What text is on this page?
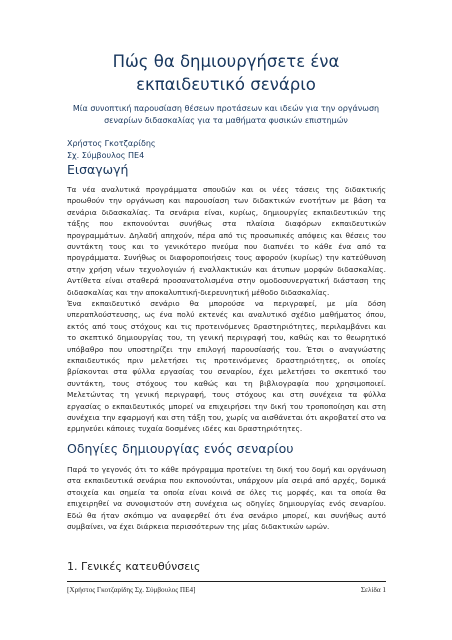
Πώς θα δημιουργήσετε ένα εκπαιδευτικό σενάριο
Μία συνοπτική παρουσίαση θέσεων προτάσεων και ιδεών για την οργάνωση σεναρίων διδασκαλίας για τα μαθήματα φυσικών επιστημών
Χρήστος Γκοτζαρίδης
Σχ. Σύμβουλος ΠΕ4
Εισαγωγή

Τα νέα αναλυτικά προγράμματα σπουδών και οι νέες τάσεις της διδακτικής προωθούν την οργάνωση και παρουσίαση των διδακτικών ενοτήτων με βάση τα σενάρια διδασκαλίας. Τα σενάρια είναι, κυρίως, δημιουργίες εκπαιδευτικών της τάξης που εκπονούνται συνήθως στα πλαίσια διαφόρων εκπαιδευτικών προγραμμάτων. Δηλαδή απηχούν, πέρα από τις προσωπικές απόψεις και θέσεις του συντάκτη τους και το γενικότερο πνεύμα που διαπνέει το κάθε ένα από τα προγράμματα. Συνήθως οι διαφοροποιήσεις τους αφορούν (κυρίως) την κατεύθυνση στην χρήση νέων τεχνολογιών ή εναλλακτικών και άτυπων μορφών διδασκαλίας. Αντίθετα είναι σταθερά προσανατολισμένα στην ομοδοσυνεργατική διάσταση της διδασκαλίας και την αποκαλυπτική-διερευνητική μέθοδο διδασκαλίας.

Ένα εκπαιδευτικό σενάριο θα μπορούσε να περιγραφεί, με μία δόση υπεραπλούστευσης, ως ένα πολύ εκτενές και αναλυτικό σχέδιο μαθήματος όπου, εκτός από τους στόχους και τις προτεινόμενες δραστηριότητες, περιλαμβάνει και το σκεπτικό δημιουργίας του, τη γενική περιγραφή του, καθώς και το θεωρητικό υπόβαθρο που υποστηρίζει την επιλογή παρουσίασής του. Έτσι ο αναγνώστης εκπαιδευτικός πριν μελετήσει τις προτεινόμενες δραστηριότητες, οι οποίες βρίσκονται στα φύλλα εργασίας του σεναρίου, έχει μελετήσει το σκεπτικό του συντάκτη, τους στόχους του καθώς και τη βιβλιογραφία που χρησιμοποιεί. Μελετώντας τη γενική περιγραφή, τους στόχους και στη συνέχεια τα φύλλα εργασίας ο εκπαιδευτικός μπορεί να επιχειρήσει την δική του τροποποίηση και στη συνέχεια την εφαρμογή και στη τάξη του, χωρίς να αισθάνεται ότι ακροβατεί στο να ερμηνεύει κάποιες τυχαία δοσμένες ιδέες και δραστηριότητες.

Οδηγίες δημιουργίας ενός σεναρίου

Παρά το γεγονός ότι το κάθε πρόγραμμα προτείνει τη δική του δομή και οργάνωση στα εκπαιδευτικά σενάρια που εκπονούνται, υπάρχουν μία σειρά από αρχές, δομικά στοιχεία και σημεία τα οποία είναι κοινά σε όλες τις μορφές, και τα οποία θα επιχειρηθεί να συνοψιστούν στη συνέχεια ως οδηγίες δημιουργίας ενός σεναρίου. Εδώ θα ήταν σκόπιμο να αναφερθεί ότι ένα σενάριο μπορεί, και συνήθως αυτό συμβαίνει, να έχει διάρκεια περισσότερων της μίας διδακτικών ωρών.

1. Γενικές κατευθύνσεις
[Χρήστος Γκοτζαρίδης Σχ. Σύμβουλος ΠΕ4]	Σελίδα 1
